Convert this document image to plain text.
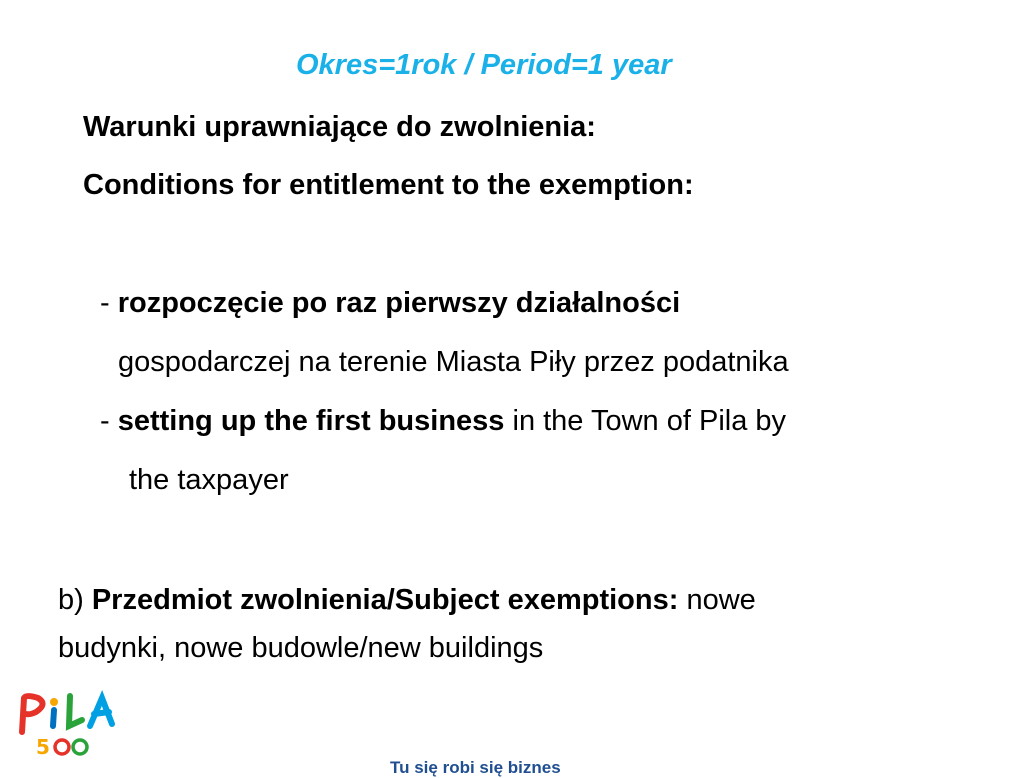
Okres=1rok / Period=1 year
Warunki uprawniające do zwolnienia:
Conditions for entitlement to the exemption:
- rozpoczęcie po raz pierwszy działalności
gospodarczej na terenie Miasta Piły przez podatnika
- setting up the first business in the Town of Pila by
the taxpayer
b) Przedmiot zwolnienia/Subject exemptions: nowe
budynki, nowe budowle/new buildings
5
Tu się robi się biznes
